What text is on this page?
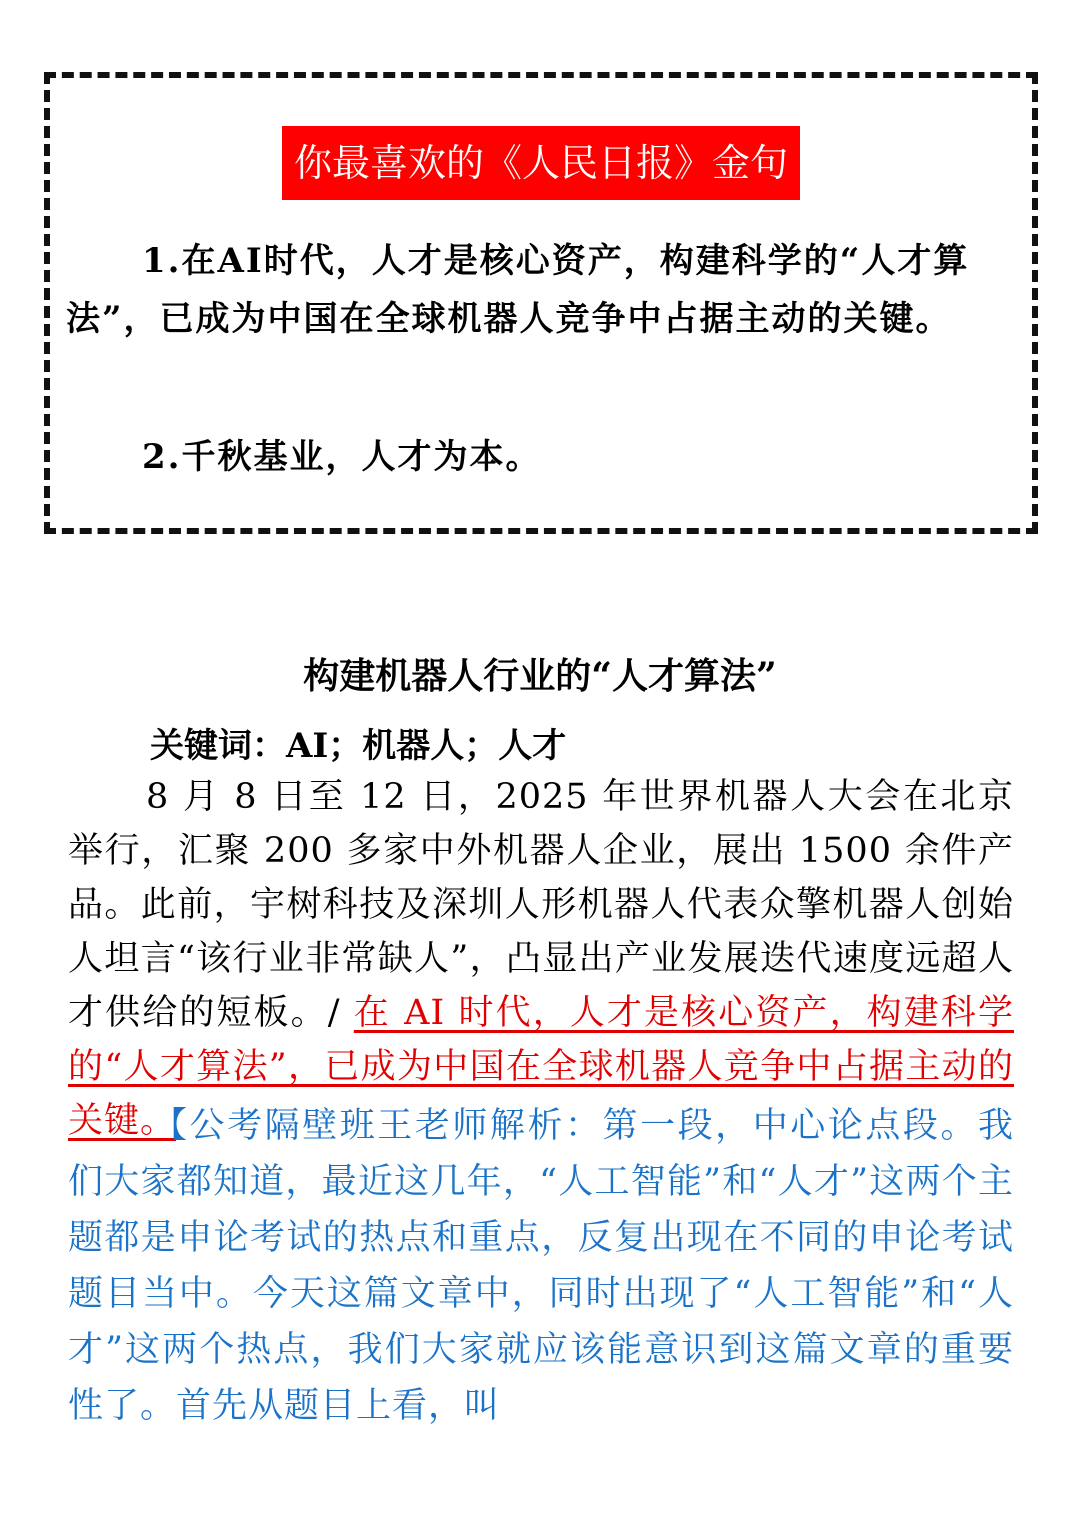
你最喜欢的《人民日报》金句
1.在AI时代，人才是核心资产，构建科学的“人才算法”，已成为中国在全球机器人竞争中占据主动的关键。
2.千秋基业，人才为本。
构建机器人行业的“人才算法”
关键词：AI；机器人；人才
8 月 8 日至 12 日，2025 年世界机器人大会在北京举行，汇聚 200 多家中外机器人企业，展出 1500 余件产品。此前，宇树科技及深圳人形机器人代表众擎机器人创始人坦言“该行业非常缺人”，凸显出产业发展迭代速度远超人才供给的短板。/ 在 AI 时代，人才是核心资产，构建科学的“人才算法”，已成为中国在全球机器人竞争中占据主动的关键。
【公考隔壁班王老师解析：第一段，中心论点段。我们大家都知道，最近这几年，“人工智能”和“人才”这两个主题都是申论考试的热点和重点，反复出现在不同的申论考试题目当中。今天这篇文章中，同时出现了“人工智能”和“人才”这两个热点，我们大家就应该能意识到这篇文章的重要性了。首先从题目上看，叫
